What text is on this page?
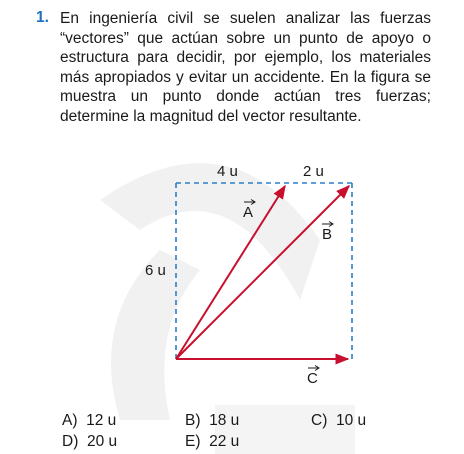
1. En ingeniería civil se suelen analizar las fuerzas “vectores” que actúan sobre un punto de apoyo o estructura para decidir, por ejemplo, los materiales más apropiados y evitar un accidente. En la figura se muestra un punto donde actúan tres fuerzas; determine la magnitud del vector resultante.
4 u	2 u
6 u
A
B
C
A) 12 u	B) 18 u	C) 10 u
D) 20 u	E) 22 u
